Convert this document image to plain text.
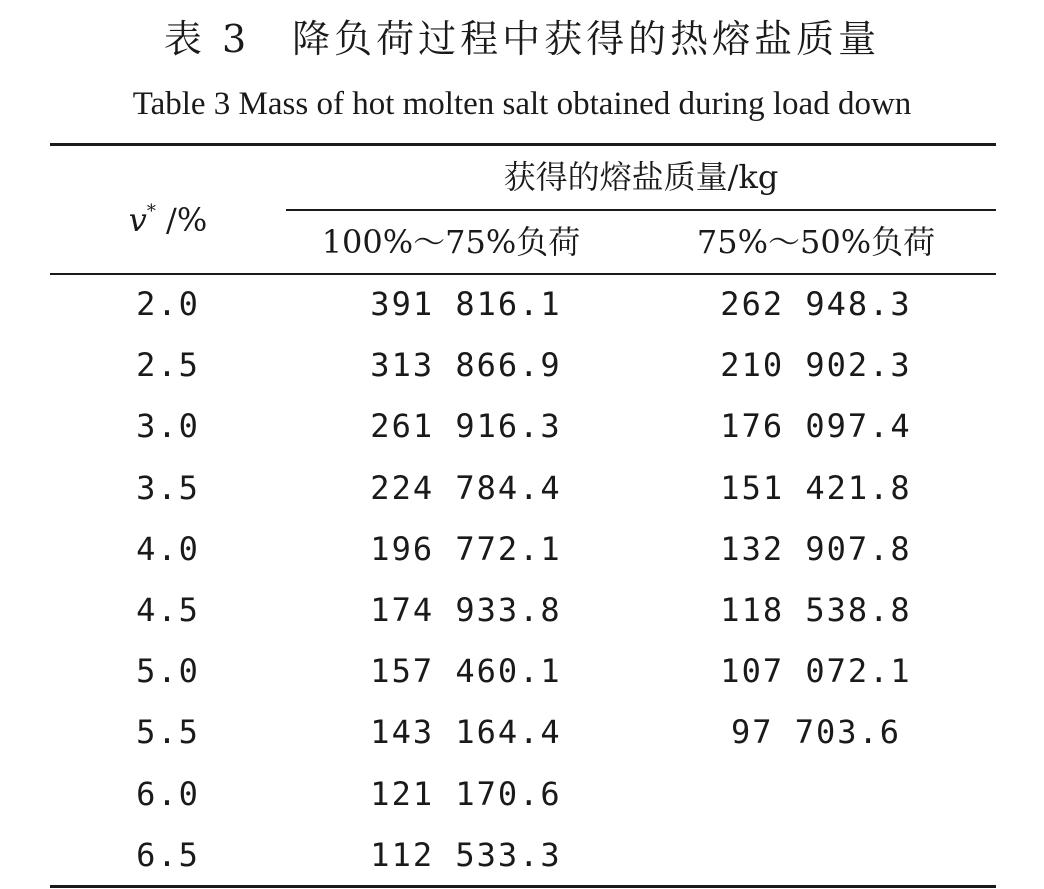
表 3　降负荷过程中获得的热熔盐质量
Table 3 Mass of hot molten salt obtained during load down
获得的熔盐质量/kg
v* /%
100%～75%负荷	75%～50%负荷
2.0	391 816.1	262 948.3
2.5	313 866.9	210 902.3
3.0	261 916.3	176 097.4
3.5	224 784.4	151 421.8
4.0	196 772.1	132 907.8
4.5	174 933.8	118 538.8
5.0	157 460.1	107 072.1
5.5	143 164.4	97 703.6
6.0	121 170.6
6.5	112 533.3
